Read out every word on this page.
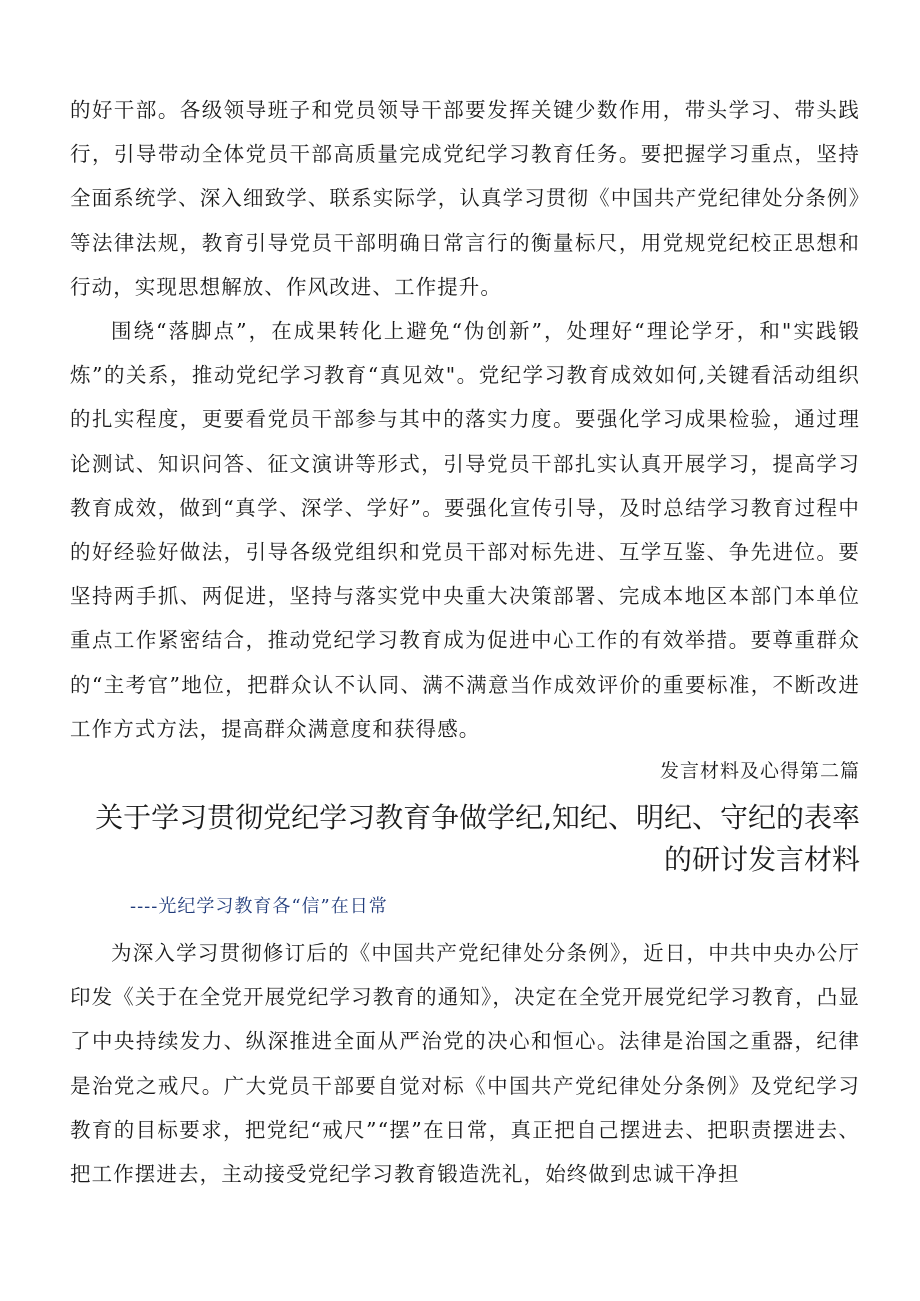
的好干部。各级领导班子和党员领导干部要发挥关键少数作用，带头学习、带头践行，引导带动全体党员干部高质量完成党纪学习教育任务。要把握学习重点，坚持全面系统学、深入细致学、联系实际学，认真学习贯彻《中国共产党纪律处分条例》等法律法规，教育引导党员干部明确日常言行的衡量标尺，用党规党纪校正思想和行动，实现思想解放、作风改进、工作提升。

围绕“落脚点”，在成果转化上避免“伪创新”，处理好“理论学牙，和"实践锻炼”的关系，推动党纪学习教育“真见效"。党纪学习教育成效如何,关键看活动组织的扎实程度，更要看党员干部参与其中的落实力度。要强化学习成果检验，通过理论测试、知识问答、征文演讲等形式，引导党员干部扎实认真开展学习，提高学习教育成效，做到“真学、深学、学好”。要强化宣传引导，及时总结学习教育过程中的好经验好做法，引导各级党组织和党员干部对标先进、互学互鉴、争先进位。要坚持两手抓、两促进，坚持与落实党中央重大决策部署、完成本地区本部门本单位重点工作紧密结合，推动党纪学习教育成为促进中心工作的有效举措。要尊重群众的“主考官”地位，把群众认不认同、满不满意当作成效评价的重要标准，不断改进工作方式方法，提高群众满意度和获得感。

发言材料及心得第二篇

关于学习贯彻党纪学习教育争做学纪,知纪、明纪、守纪的表率
的研讨发言材料

----光纪学习教育各“信”在日常

为深入学习贯彻修订后的《中国共产党纪律处分条例》，近日，中共中央办公厅印发《关于在全党开展党纪学习教育的通知》，决定在全党开展党纪学习教育，凸显了中央持续发力、纵深推进全面从严治党的决心和恒心。法律是治国之重器，纪律是治党之戒尺。广大党员干部要自觉对标《中国共产党纪律处分条例》及党纪学习教育的目标要求，把党纪“戒尺”“摆”在日常，真正把自己摆进去、把职责摆进去、把工作摆进去，主动接受党纪学习教育锻造洗礼，始终做到忠诚干净担
